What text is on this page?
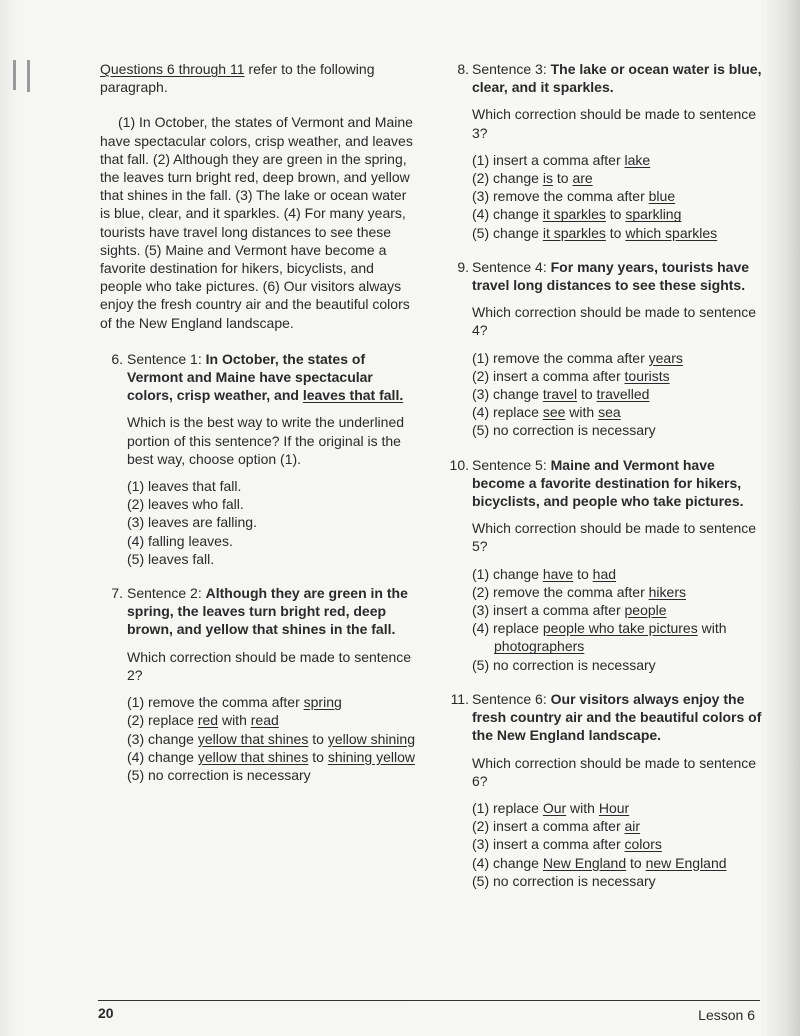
Questions 6 through 11 refer to the following paragraph.

(1) In October, the states of Vermont and Maine have spectacular colors, crisp weather, and leaves that fall. (2) Although they are green in the spring, the leaves turn bright red, deep brown, and yellow that shines in the fall. (3) The lake or ocean water is blue, clear, and it sparkles. (4) For many years, tourists have travel long distances to see these sights. (5) Maine and Vermont have become a favorite destination for hikers, bicyclists, and people who take pictures. (6) Our visitors always enjoy the fresh country air and the beautiful colors of the New England landscape.

6. Sentence 1: In October, the states of Vermont and Maine have spectacular colors, crisp weather, and leaves that fall.

Which is the best way to write the underlined portion of this sentence? If the original is the best way, choose option (1).

(1) leaves that fall.
(2) leaves who fall.
(3) leaves are falling.
(4) falling leaves.
(5) leaves fall.
7. Sentence 2: Although they are green in the spring, the leaves turn bright red, deep brown, and yellow that shines in the fall.

Which correction should be made to sentence 2?

(1) remove the comma after spring
(2) replace red with read
(3) change yellow that shines to yellow shining
(4) change yellow that shines to shining yellow
(5) no correction is necessary
8. Sentence 3: The lake or ocean water is blue, clear, and it sparkles.

Which correction should be made to sentence 3?

(1) insert a comma after lake
(2) change is to are
(3) remove the comma after blue
(4) change it sparkles to sparkling
(5) change it sparkles to which sparkles
9. Sentence 4: For many years, tourists have travel long distances to see these sights.

Which correction should be made to sentence 4?

(1) remove the comma after years
(2) insert a comma after tourists
(3) change travel to travelled
(4) replace see with sea
(5) no correction is necessary
10. Sentence 5: Maine and Vermont have become a favorite destination for hikers, bicyclists, and people who take pictures.

Which correction should be made to sentence 5?

(1) change have to had
(2) remove the comma after hikers
(3) insert a comma after people
(4) replace people who take pictures with photographers
(5) no correction is necessary
11. Sentence 6: Our visitors always enjoy the fresh country air and the beautiful colors of the New England landscape.

Which correction should be made to sentence 6?

(1) replace Our with Hour
(2) insert a comma after air
(3) insert a comma after colors
(4) change New England to new England
(5) no correction is necessary
20	Lesson 6
